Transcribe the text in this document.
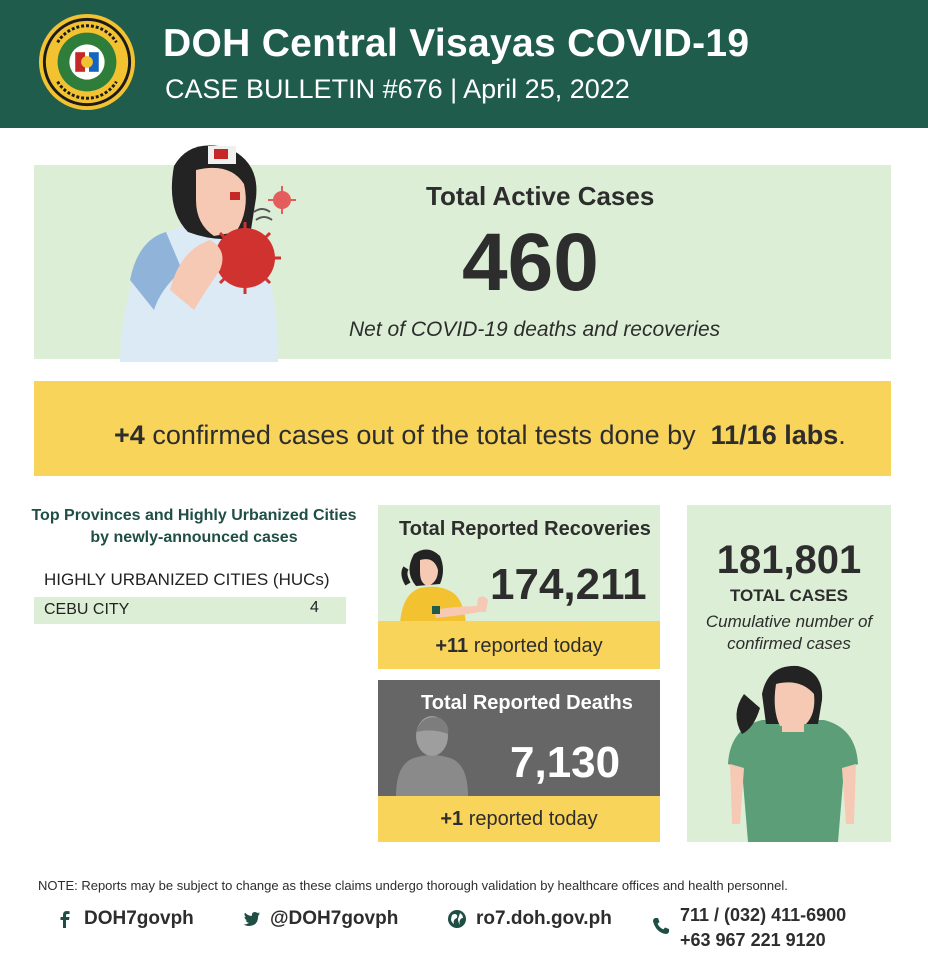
DOH Central Visayas COVID-19
CASE BULLETIN #676 | April 25, 2022
Total Active Cases
460
Net of COVID-19 deaths and recoveries
+4 confirmed cases out of the total tests done by 11/16 labs.
Top Provinces and Highly Urbanized Cities by newly-announced cases
HIGHLY URBANIZED CITIES (HUCs)
CEBU CITY	4
Total Reported Recoveries
174,211
+11 reported today
Total Reported Deaths
7,130
+1 reported today
181,801
TOTAL CASES
Cumulative number of confirmed cases
NOTE: Reports may be subject to change as these claims undergo thorough validation by healthcare offices and health personnel.
DOH7govph	@DOH7govph	ro7.doh.gov.ph	711 / (032) 411-6900
+63 967 221 9120
